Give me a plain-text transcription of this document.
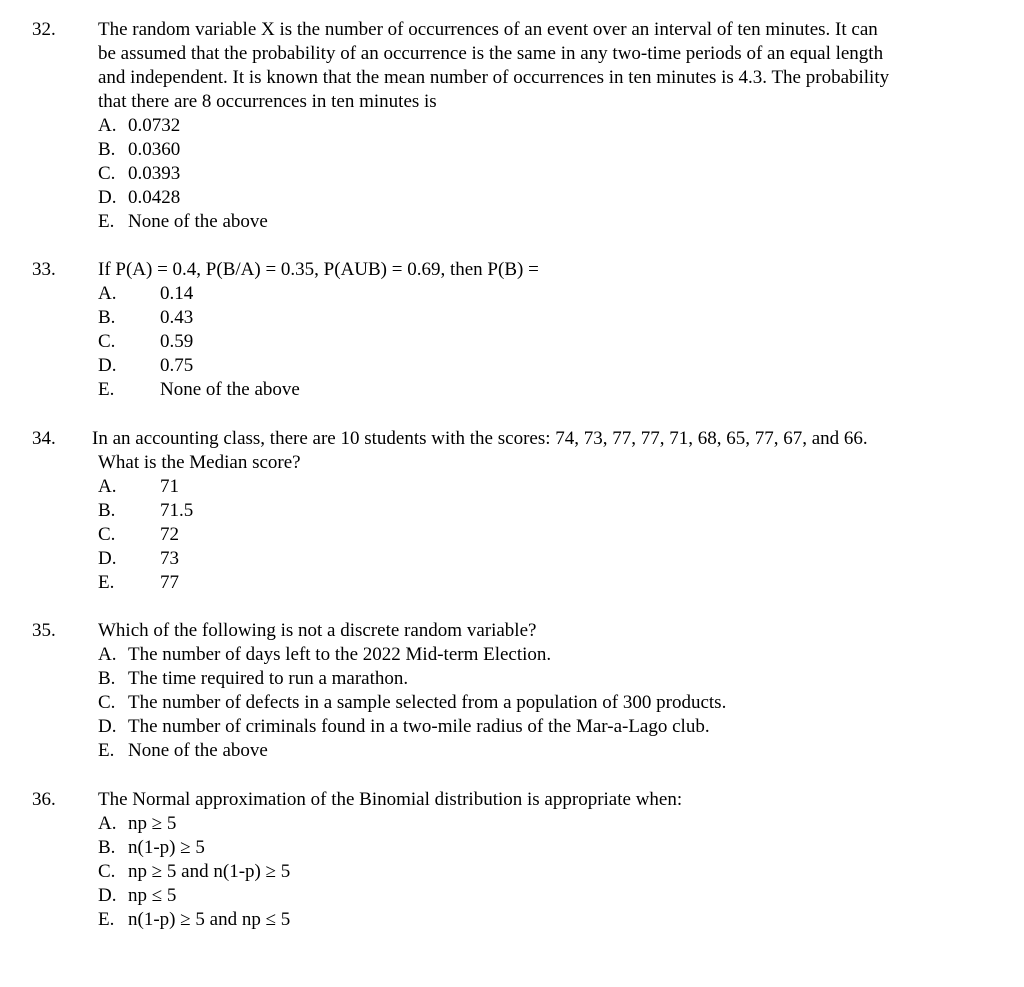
32. The random variable X is the number of occurrences of an event over an interval of ten minutes. It can
be assumed that the probability of an occurrence is the same in any two-time periods of an equal length
and independent. It is known that the mean number of occurrences in ten minutes is 4.3. The probability
that there are 8 occurrences in ten minutes is
A. 0.0732
B. 0.0360
C. 0.0393
D. 0.0428
E. None of the above
33. If P(A) = 0.4, P(B/A) = 0.35, P(AUB) = 0.69, then P(B) =
A. 0.14
B. 0.43
C. 0.59
D. 0.75
E. None of the above
34. In an accounting class, there are 10 students with the scores: 74, 73, 77, 77, 71, 68, 65, 77, 67, and 66.
What is the Median score?
A. 71
B. 71.5
C. 72
D. 73
E. 77
35. Which of the following is not a discrete random variable?
A. The number of days left to the 2022 Mid-term Election.
B. The time required to run a marathon.
C. The number of defects in a sample selected from a population of 300 products.
D. The number of criminals found in a two-mile radius of the Mar-a-Lago club.
E. None of the above
36. The Normal approximation of the Binomial distribution is appropriate when:
A. np ≥ 5
B. n(1-p) ≥ 5
C. np ≥ 5 and n(1-p) ≥ 5
D. np ≤ 5
E. n(1-p) ≥ 5 and np ≤ 5
